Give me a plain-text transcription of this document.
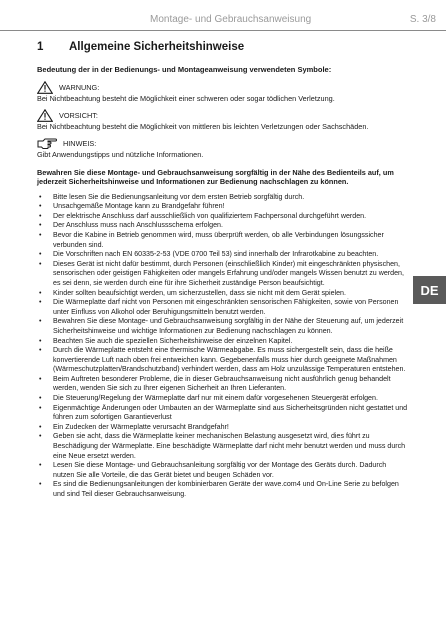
Montage- und Gebrauchsanweisung	S. 3/8
1	Allgemeine Sicherheitshinweise
Bedeutung der in der Bedienungs- und Montageanweisung verwendeten Symbole:
WARNUNG:
Bei Nichtbeachtung besteht die Möglichkeit einer schweren oder sogar tödlichen Verletzung.
VORSICHT:
Bei Nichtbeachtung besteht die Möglichkeit von mittleren bis leichten Verletzungen oder Sachschäden.
HINWEIS:
Gibt Anwendungstipps und nützliche Informationen.
Bewahren Sie diese Montage- und Gebrauchsanweisung sorgfältig in der Nähe des Bedienteils auf, um jederzeit Sicherheitshinweise und Informationen zur Bedienung nachschlagen zu können.
• Bitte lesen Sie die Bedienungsanleitung vor dem ersten Betrieb sorgfältig durch.
• Unsachgemäße Montage kann zu Brandgefahr führen!
• Der elektrische Anschluss darf ausschließlich von qualifiziertem Fachpersonal durchgeführt werden.
• Der Anschluss muss nach Anschlussschema erfolgen.
• Bevor die Kabine in Betrieb genommen wird, muss überprüft werden, ob alle Verbindungen lösungssicher verbunden sind.
• Die Vorschriften nach EN 60335-2-53 (VDE 0700 Teil 53) sind innerhalb der Infrarotkabine zu beachten.
• Dieses Gerät ist nicht dafür bestimmt, durch Personen (einschließlich Kinder) mit eingeschränkten physischen, sensorischen oder geistigen Fähigkeiten oder mangels Erfahrung und/oder mangels Wissen benutzt zu werden, es sei denn, sie werden durch eine für ihre Sicherheit zuständige Person beaufsichtigt.
• Kinder sollten beaufsichtigt werden, um sicherzustellen, dass sie nicht mit dem Gerät spielen.
• Die Wärmeplatte darf nicht von Personen mit eingeschränkten sensorischen Fähigkeiten, sowie von Personen unter Einfluss von Alkohol oder Beruhigungsmitteln benutzt werden.
• Bewahren Sie diese Montage- und Gebrauchsanweisung sorgfältig in der Nähe der Steuerung auf, um jederzeit Sicherheitshinweise und wichtige Informationen zur Bedienung nachschlagen zu können.
• Beachten Sie auch die speziellen Sicherheitshinweise der einzelnen Kapitel.
• Durch die Wärmeplatte entsteht eine thermische Wärmeabgabe. Es muss sichergestellt sein, dass die heiße konvertierende Luft nach oben frei entweichen kann. Gegebenenfalls muss hier durch geeignete Maßnahmen (Wärmeschutzplatten/Brandschutzband) verhindert werden, dass am Holz unzulässige Temperaturen entstehen.
• Beim Auftreten besonderer Probleme, die in dieser Gebrauchsanweisung nicht ausführlich genug behandelt werden, wenden Sie sich zu Ihrer eigenen Sicherheit an Ihren Lieferanten.
• Die Steuerung/Regelung der Wärmeplatte darf nur mit einem dafür vorgesehenen Steuergerät erfolgen.
• Eigenmächtige Änderungen oder Umbauten an der Wärmeplatte sind aus Sicherheitsgründen nicht gestattet und führen zum sofortigen Garantieverlust
• Ein Zudecken der Wärmeplatte verursacht Brandgefahr!
• Geben sie acht, dass die Wärmeplatte keiner mechanischen Belastung ausgesetzt wird, dies führt zu Beschädigung der Wärmeplatte. Eine beschädigte Wärmeplatte darf nicht mehr benutzt werden und muss durch eine Neue ersetzt werden.
• Lesen Sie diese Montage- und Gebrauchsanleitung sorgfältig vor der Montage des Geräts durch. Dadurch nutzen Sie alle Vorteile, die das Gerät bietet und beugen Schäden vor.
• Es sind die Bedienungsanleitungen der kombinierbaren Geräte der wave.com4 und On-Line Serie zu befolgen und sind Teil dieser Gebrauchsanweisung.
DE
